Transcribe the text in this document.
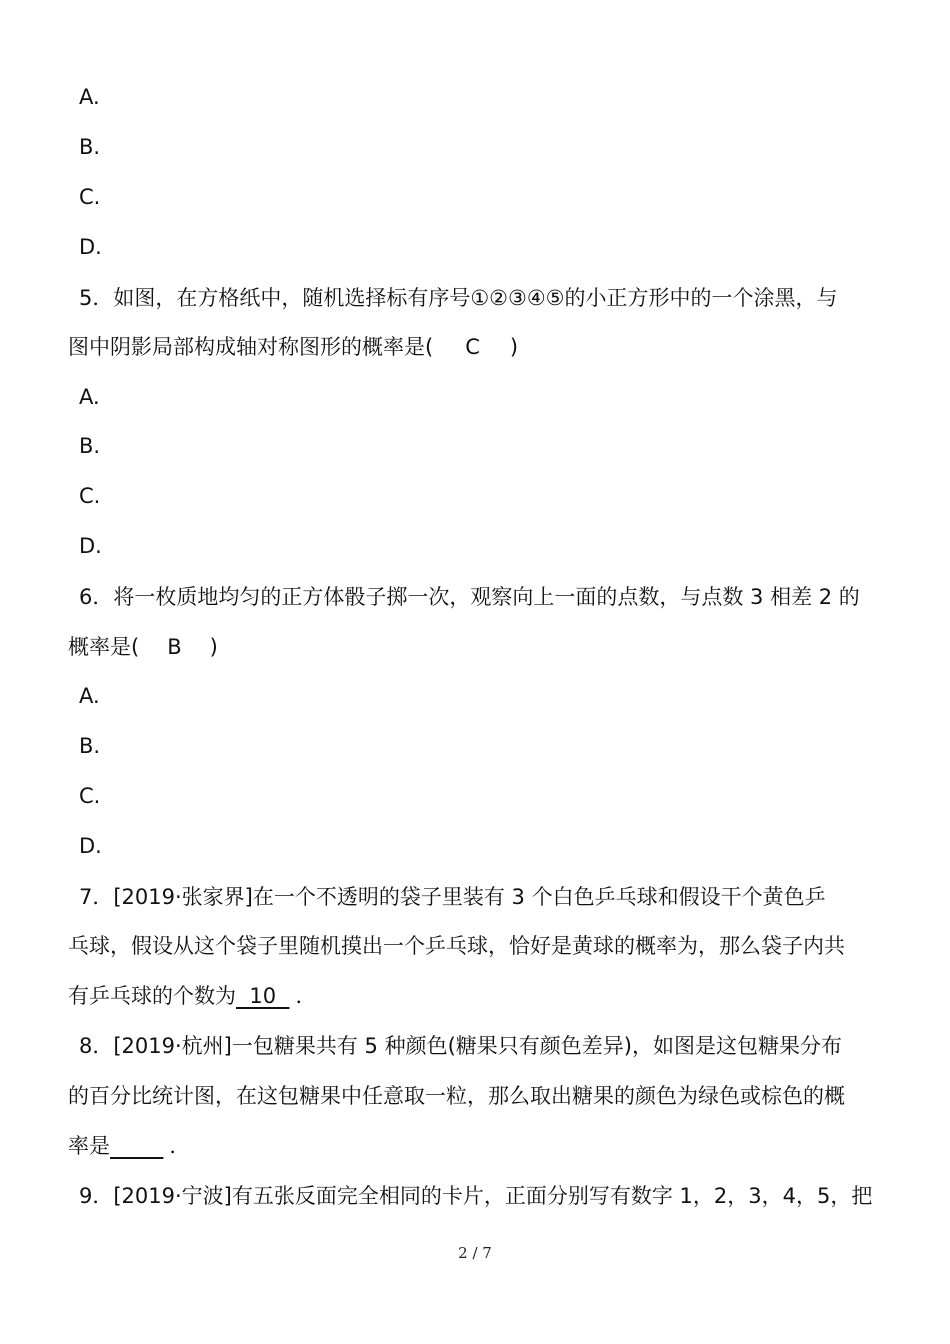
A.
B.
C.
D.
5．如图，在方格纸中，随机选择标有序号①②③④⑤的小正方形中的一个涂黑，与
图中阴影局部构成轴对称图形的概率是( C )
A.
B.
C.
D.
6．将一枚质地均匀的正方体骰子掷一次，观察向上一面的点数，与点数 3 相差 2 的
概率是( B )
A.
B.
C.
D.
7．[2019·张家界]在一个不透明的袋子里装有 3 个白色乒乓球和假设干个黄色乒
乓球，假设从这个袋子里随机摸出一个乒乓球，恰好是黄球的概率为，那么袋子内共
有乒乓球的个数为 10 ．
8．[2019·杭州]一包糖果共有 5 种颜色(糖果只有颜色差异)，如图是这包糖果分布
的百分比统计图，在这包糖果中任意取一粒，那么取出糖果的颜色为绿色或棕色的概
率是	．
9．[2019·宁波]有五张反面完全相同的卡片，正面分别写有数字 1，2，3，4，5，把
2 / 7
